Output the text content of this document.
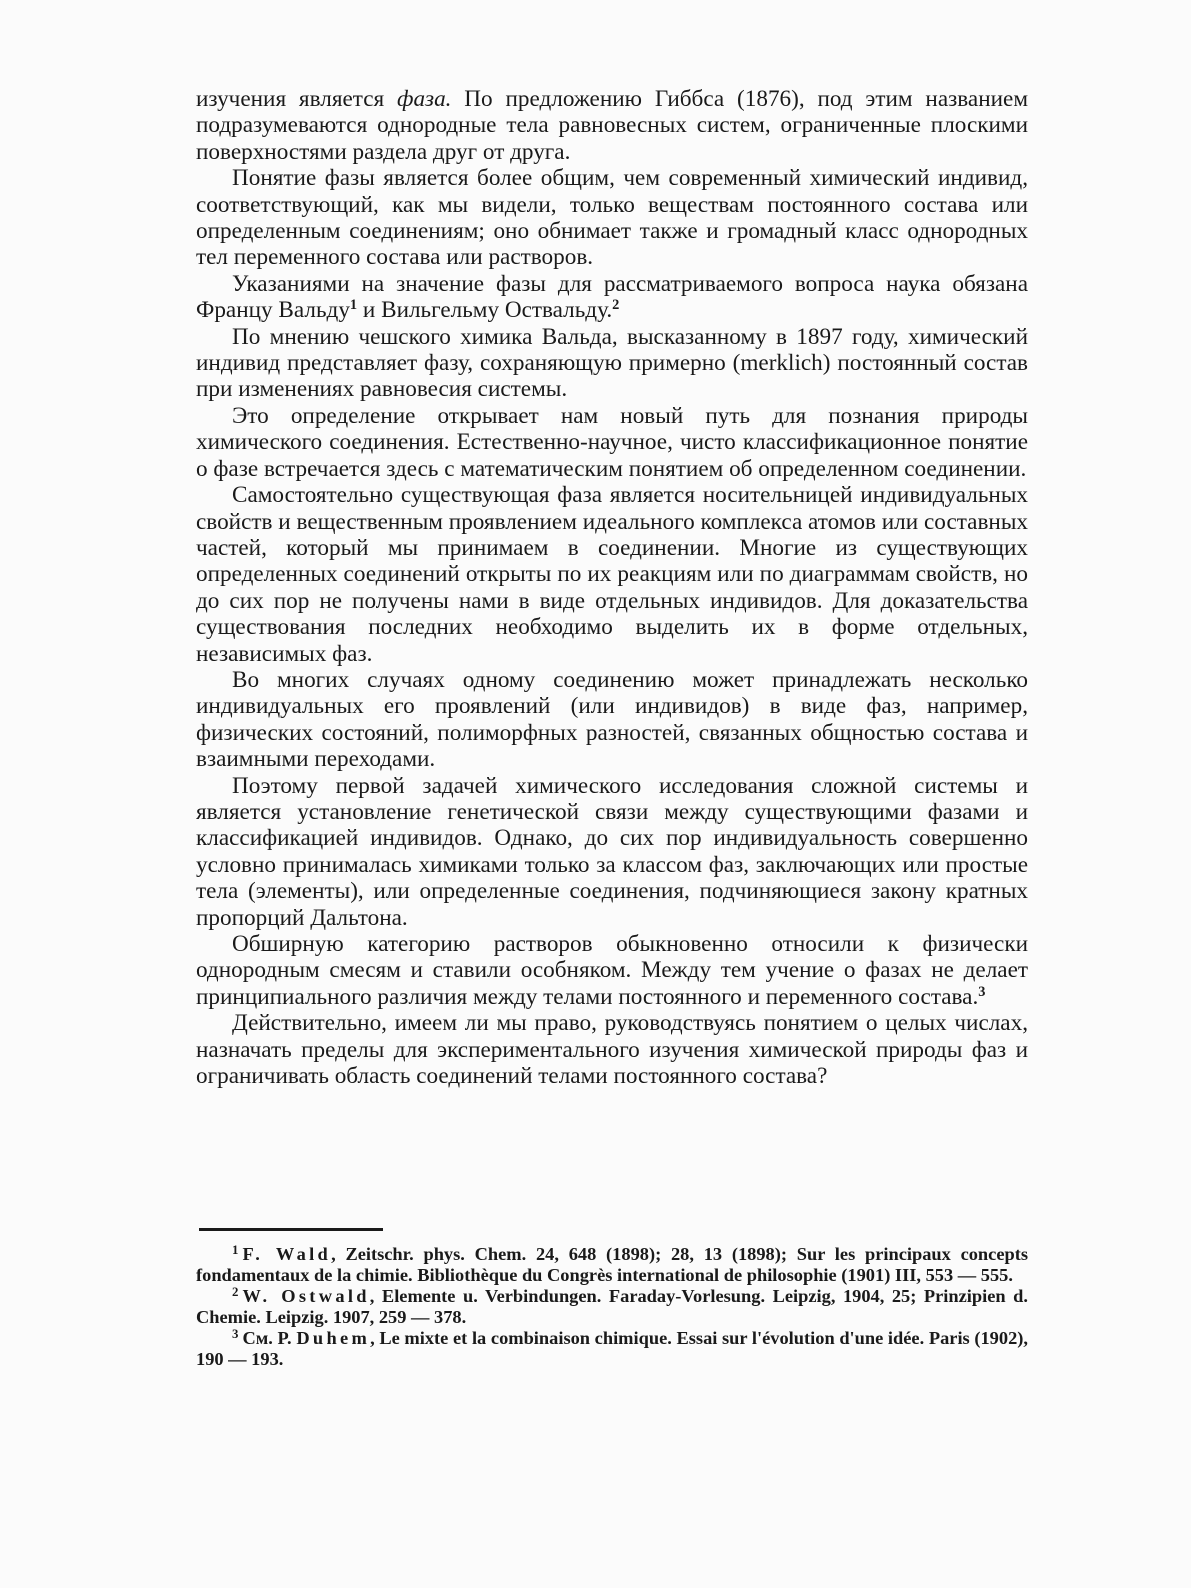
изучения является фаза. По предложению Гиббса (1876), под этим названием подразумеваются однородные тела равновесных систем, ограниченные плоскими поверхностями раздела друг от друга.

Понятие фазы является более общим, чем современный химический индивид, соответствующий, как мы видели, только веществам постоянного состава или определенным соединениям; оно обнимает также и громадный класс однородных тел переменного состава или растворов.

Указаниями на значение фазы для рассматриваемого вопроса наука обязана Францу Вальду$^1$ и Вильгельму Оствальду.$^2$

По мнению чешского химика Вальда, высказанному в 1897 году, химический индивид представляет фазу, сохраняющую примерно (merklich) постоянный состав при изменениях равновесия системы.

Это определение открывает нам новый путь для познания природы химического соединения. Естественно-научное, чисто классификационное понятие о фазе встречается здесь с математическим понятием об определенном соединении.

Самостоятельно существующая фаза является носительницей индивидуальных свойств и вещественным проявлением идеального комплекса атомов или составных частей, который мы принимаем в соединении. Многие из существующих определенных соединений открыты по их реакциям или по диаграммам свойств, но до сих пор не получены нами в виде отдельных индивидов. Для доказательства существования последних необходимо выделить их в форме отдельных, независимых фаз.

Во многих случаях одному соединению может принадлежать несколько индивидуальных его проявлений (или индивидов) в виде фаз, например, физических состояний, полиморфных разностей, связанных общностью состава и взаимными переходами.

Поэтому первой задачей химического исследования сложной системы и является установление генетической связи между существующими фазами и классификацией индивидов. Однако, до сих пор индивидуальность совершенно условно принималась химиками только за классом фаз, заключающих или простые тела (элементы), или определенные соединения, подчиняющиеся закону кратных пропорций Дальтона.

Обширную категорию растворов обыкновенно относили к физически однородным смесям и ставили особняком. Между тем учение о фазах не делает принципиального различия между телами постоянного и переменного состава.$^3$

Действительно, имеем ли мы право, руководствуясь понятием о целых числах, назначать пределы для экспериментального изучения химической природы фаз и ограничивать область соединений телами постоянного состава?

$^1$ F. Wald, Zeitschr. phys. Chem. 24, 648 (1898); 28, 13 (1898); Sur les principaux concepts fondamentaux de la chimie. Bibliothèque du Congrès international de philosophie (1901) III, 553 — 555.

$^2$ W. Ostwald, Elemente u. Verbindungen. Faraday-Vorlesung. Leipzig, 1904, 25; Prinzipien d. Chemie. Leipzig. 1907, 259 — 378.

$^3$ См. P. Duhem, Le mixte et la combinaison chimique. Essai sur l'évolution d'une idée. Paris (1902), 190 — 193.
